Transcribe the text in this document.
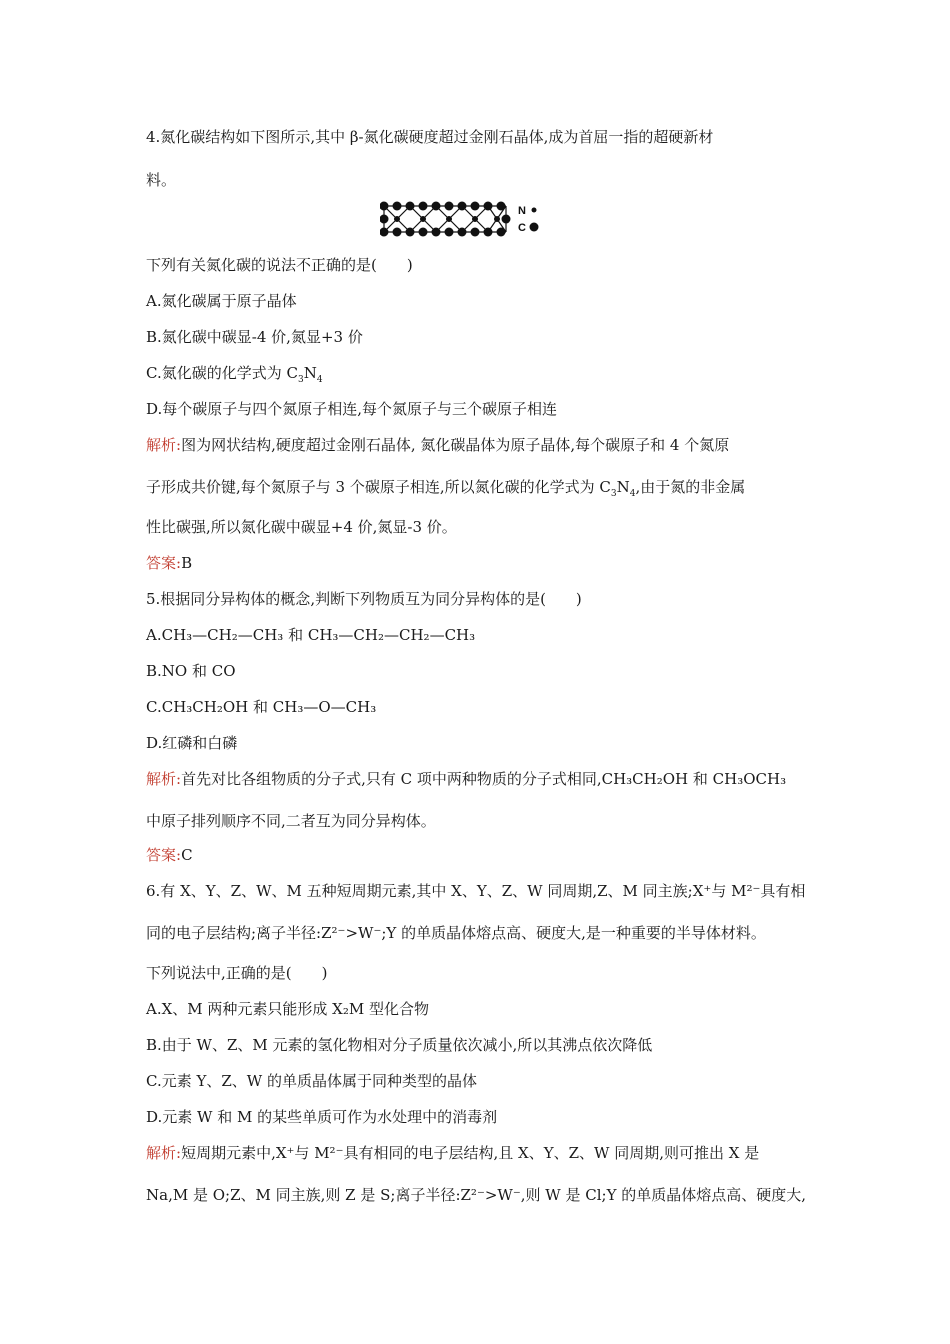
4.氮化碳结构如下图所示,其中 β-氮化碳硬度超过金刚石晶体,成为首屈一指的超硬新材
料。
N
C
下列有关氮化碳的说法不正确的是(　　)
A.氮化碳属于原子晶体
B.氮化碳中碳显-4 价,氮显+3 价
C.氮化碳的化学式为 $C_3N_4$
D.每个碳原子与四个氮原子相连,每个氮原子与三个碳原子相连
解析:图为网状结构,硬度超过金刚石晶体, 氮化碳晶体为原子晶体,每个碳原子和 4 个氮原
子形成共价键,每个氮原子与 3 个碳原子相连,所以氮化碳的化学式为 $C_3N_4$,由于氮的非金属
性比碳强,所以氮化碳中碳显+4 价,氮显-3 价。
答案:B
5.根据同分异构体的概念,判断下列物质互为同分异构体的是(　　)
A.CH₃—CH₂—CH₃ 和 CH₃—CH₂—CH₂—CH₃
B.NO 和 CO
C.CH₃CH₂OH 和 CH₃—O—CH₃
D.红磷和白磷
解析:首先对比各组物质的分子式,只有 C 项中两种物质的分子式相同,CH₃CH₂OH 和 CH₃OCH₃
中原子排列顺序不同,二者互为同分异构体。
答案:C
6.有 X、Y、Z、W、M 五种短周期元素,其中 X、Y、Z、W 同周期,Z、M 同主族;X⁺与 M²⁻具有相
同的电子层结构;离子半径:Z²⁻>W⁻;Y 的单质晶体熔点高、硬度大,是一种重要的半导体材料。
下列说法中,正确的是(　　)
A.X、M 两种元素只能形成 X₂M 型化合物
B.由于 W、Z、M 元素的氢化物相对分子质量依次减小,所以其沸点依次降低
C.元素 Y、Z、W 的单质晶体属于同种类型的晶体
D.元素 W 和 M 的某些单质可作为水处理中的消毒剂
解析:短周期元素中,X⁺与 M²⁻具有相同的电子层结构,且 X、Y、Z、W 同周期,则可推出 X 是
Na,M 是 O;Z、M 同主族,则 Z 是 S;离子半径:Z²⁻>W⁻,则 W 是 Cl;Y 的单质晶体熔点高、硬度大,
